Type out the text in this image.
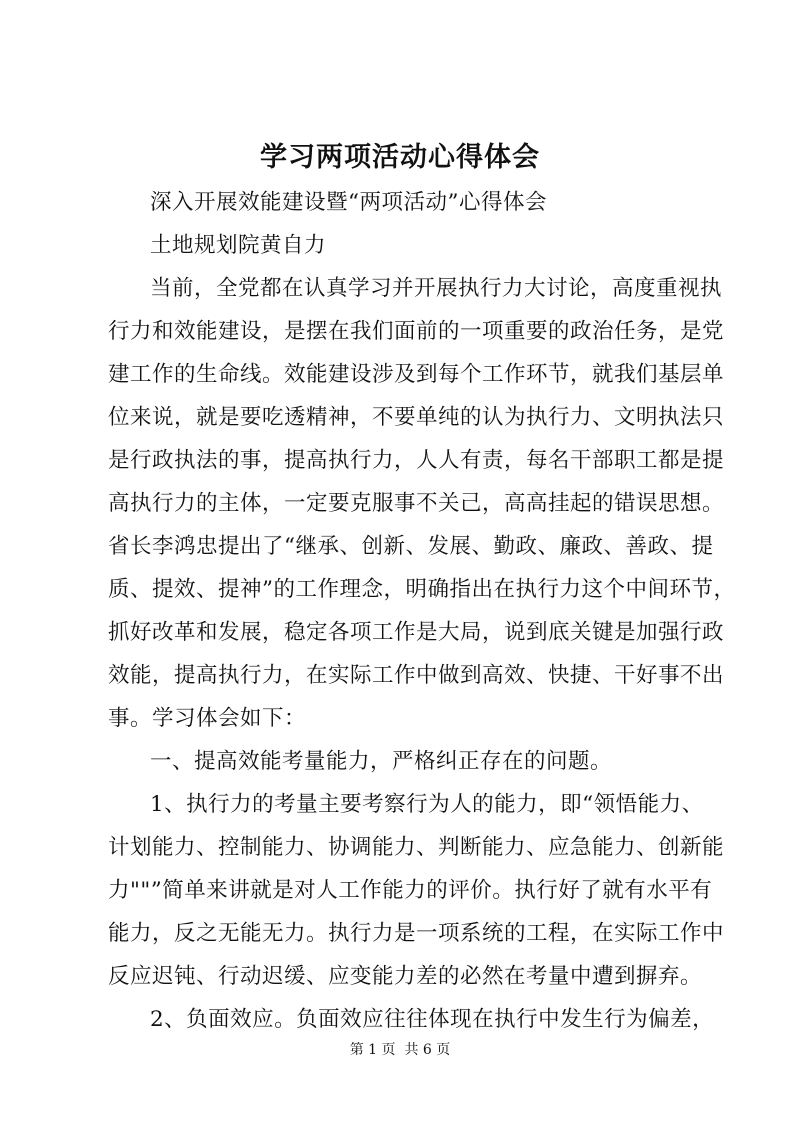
学习两项活动心得体会
深入开展效能建设暨“两项活动”心得体会
土地规划院黄自力
当前，全党都在认真学习并开展执行力大讨论，高度重视执
行力和效能建设，是摆在我们面前的一项重要的政治任务，是党
建工作的生命线。效能建设涉及到每个工作环节，就我们基层单
位来说，就是要吃透精神，不要单纯的认为执行力、文明执法只
是行政执法的事，提高执行力，人人有责，每名干部职工都是提
高执行力的主体，一定要克服事不关己，高高挂起的错误思想。
省长李鸿忠提出了“继承、创新、发展、勤政、廉政、善政、提
质、提效、提神”的工作理念，明确指出在执行力这个中间环节，
抓好改革和发展，稳定各项工作是大局，说到底关键是加强行政
效能，提高执行力，在实际工作中做到高效、快捷、干好事不出
事。学习体会如下：
一、提高效能考量能力，严格纠正存在的问题。
1、执行力的考量主要考察行为人的能力，即“领悟能力、
计划能力、控制能力、协调能力、判断能力、应急能力、创新能
力""”简单来讲就是对人工作能力的评价。执行好了就有水平有
能力，反之无能无力。执行力是一项系统的工程，在实际工作中
反应迟钝、行动迟缓、应变能力差的必然在考量中遭到摒弃。
2、负面效应。负面效应往往体现在执行中发生行为偏差，
第 1 页  共 6 页
